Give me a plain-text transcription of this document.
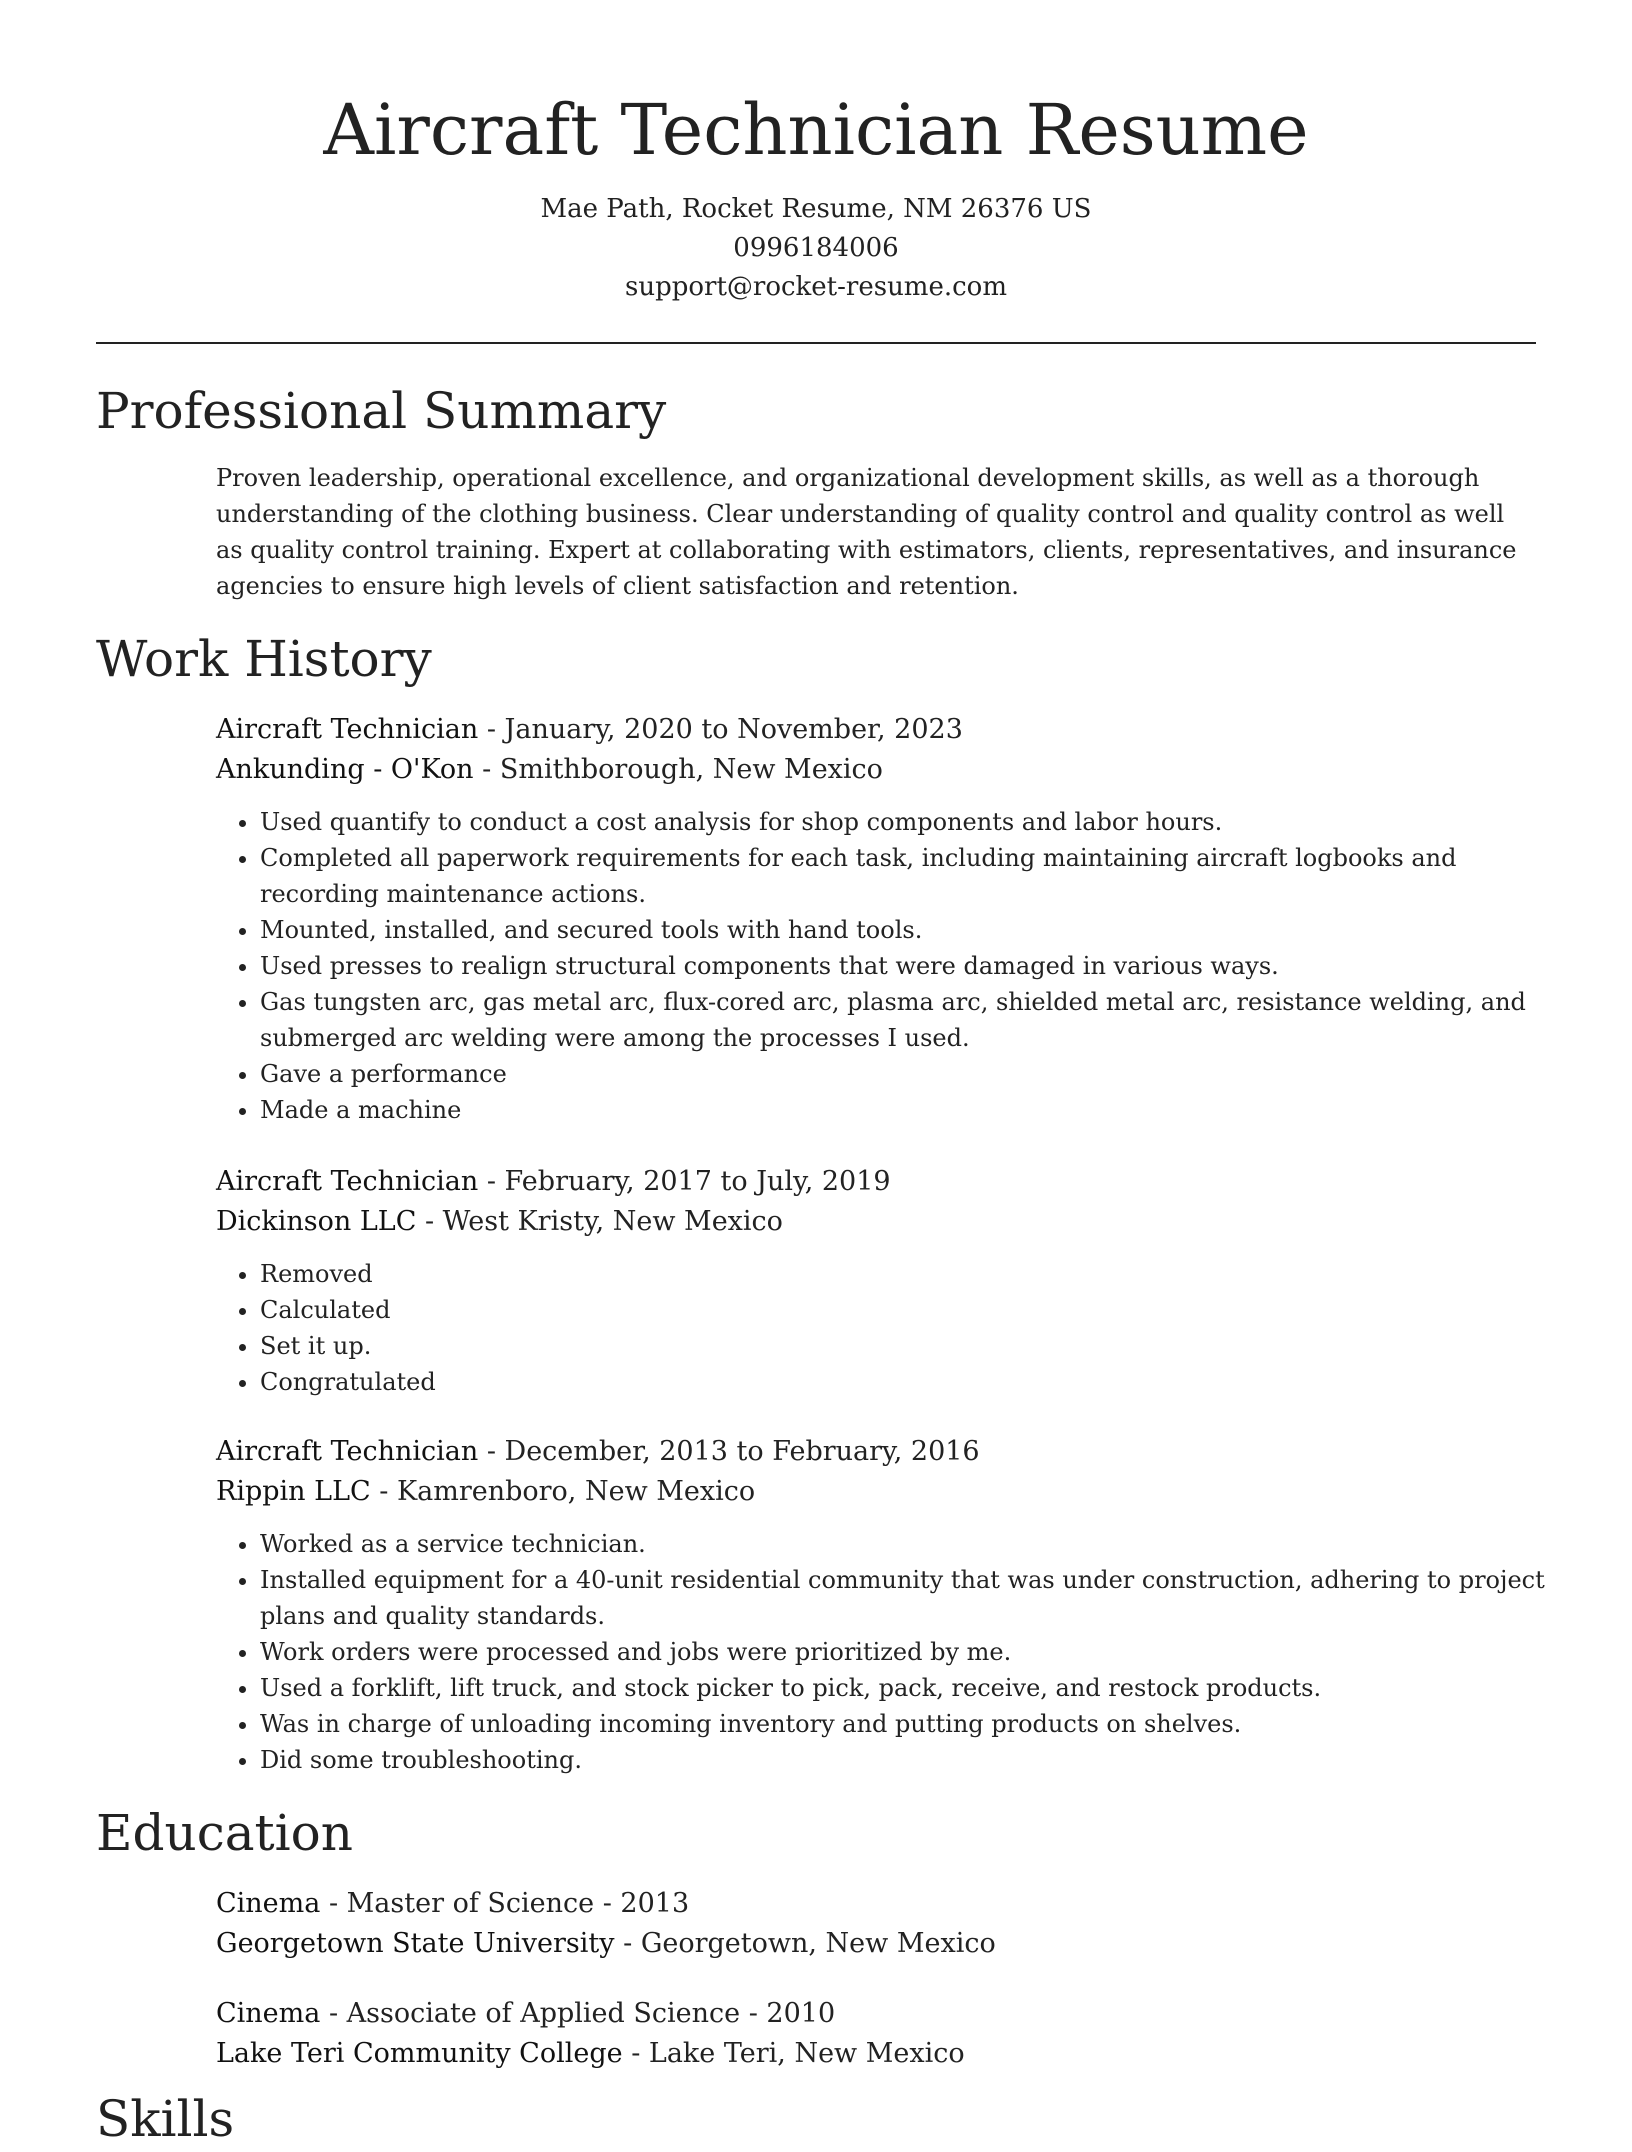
Aircraft Technician Resume
Mae Path, Rocket Resume, NM 26376 US
0996184006
support@rocket-resume.com
Professional Summary
Proven leadership, operational excellence, and organizational development skills, as well as a thorough understanding of the clothing business. Clear understanding of quality control and quality control as well as quality control training. Expert at collaborating with estimators, clients, representatives, and insurance agencies to ensure high levels of client satisfaction and retention.
Work History
Aircraft Technician - January, 2020 to November, 2023
Ankunding - O'Kon - Smithborough, New Mexico
• Used quantify to conduct a cost analysis for shop components and labor hours.
• Completed all paperwork requirements for each task, including maintaining aircraft logbooks and recording maintenance actions.
• Mounted, installed, and secured tools with hand tools.
• Used presses to realign structural components that were damaged in various ways.
• Gas tungsten arc, gas metal arc, flux-cored arc, plasma arc, shielded metal arc, resistance welding, and submerged arc welding were among the processes I used.
• Gave a performance
• Made a machine
Aircraft Technician - February, 2017 to July, 2019
Dickinson LLC - West Kristy, New Mexico
• Removed
• Calculated
• Set it up.
• Congratulated
Aircraft Technician - December, 2013 to February, 2016
Rippin LLC - Kamrenboro, New Mexico
• Worked as a service technician.
• Installed equipment for a 40-unit residential community that was under construction, adhering to project plans and quality standards.
• Work orders were processed and jobs were prioritized by me.
• Used a forklift, lift truck, and stock picker to pick, pack, receive, and restock products.
• Was in charge of unloading incoming inventory and putting products on shelves.
• Did some troubleshooting.
Education
Cinema - Master of Science - 2013
Georgetown State University - Georgetown, New Mexico
Cinema - Associate of Applied Science - 2010
Lake Teri Community College - Lake Teri, New Mexico
Skills
